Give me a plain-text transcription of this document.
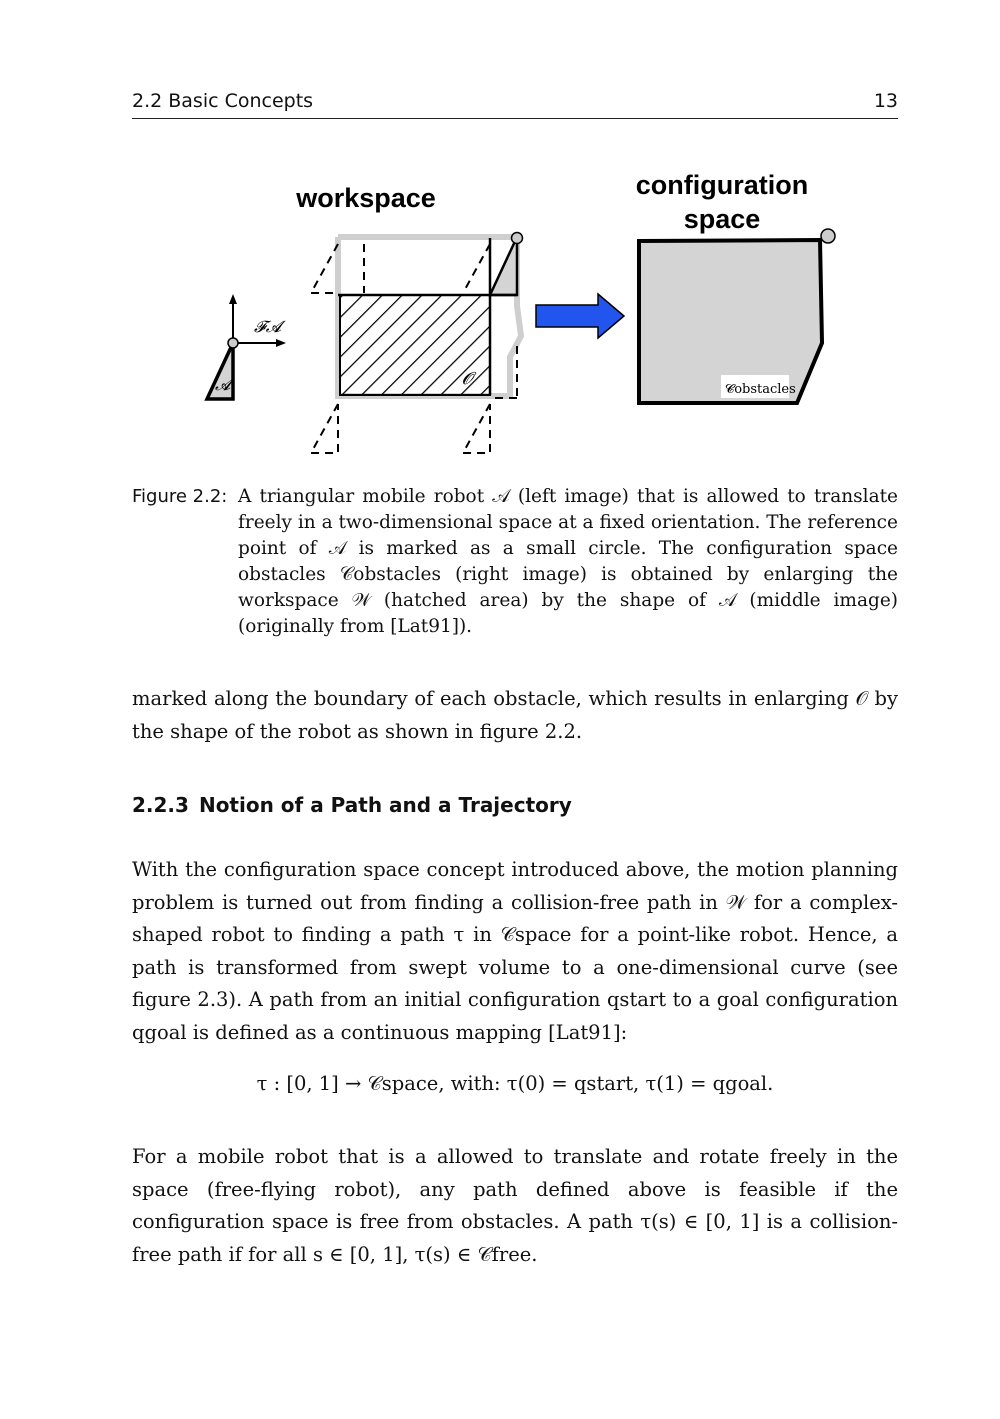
2.2 Basic Concepts	13
workspace	configuration
space
𝓕𝓐
𝓐	𝓞
𝓒obstacles
Figure 2.2: A triangular mobile robot 𝒜 (left image) that is allowed to translate freely in a two-dimensional space at a fixed orientation. The reference point of 𝒜 is marked as a small circle. The configuration space obstacles 𝒞obstacles (right image) is obtained by enlarging the workspace 𝒲 (hatched area) by the shape of 𝒜 (middle image) (originally from [Lat91]).
marked along the boundary of each obstacle, which results in enlarging 𝒪 by the shape of the robot as shown in figure 2.2.
2.2.3 Notion of a Path and a Trajectory
With the configuration space concept introduced above, the motion planning problem is turned out from finding a collision-free path in 𝒲 for a complex-shaped robot to finding a path τ in 𝒞space for a point-like robot. Hence, a path is transformed from swept volume to a one-dimensional curve (see figure 2.3). A path from an initial configuration qstart to a goal configuration qgoal is defined as a continuous mapping [Lat91]:
τ : [0, 1] → 𝒞space, with: τ(0) = qstart, τ(1) = qgoal.
For a mobile robot that is a allowed to translate and rotate freely in the space (free-flying robot), any path defined above is feasible if the configuration space is free from obstacles. A path τ(s) ∈ [0, 1] is a collision-free path if for all s ∈ [0, 1], τ(s) ∈ 𝒞free.
